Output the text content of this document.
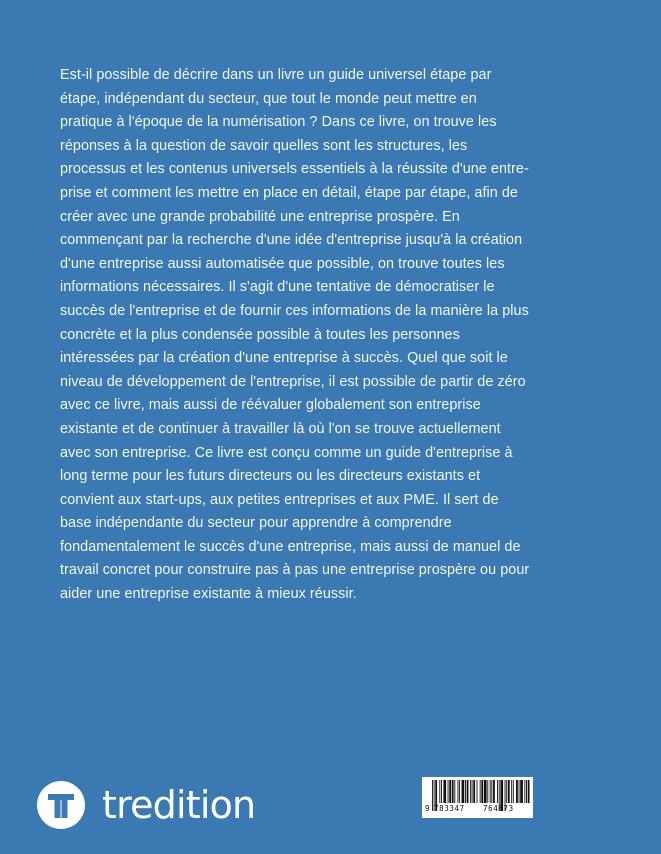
Est-il possible de décrire dans un livre un guide universel étape par étape, indépendant du secteur, que tout le monde peut mettre en pratique à l'époque de la numérisation ? Dans ce livre, on trouve les réponses à la question de savoir quelles sont les structures, les processus et les contenus universels essentiels à la réussite d'une entre- prise et comment les mettre en place en détail, étape par étape, afin de créer avec une grande probabilité une entreprise prospère. En commençant par la recherche d'une idée d'entreprise jusqu'à la création d'une entreprise aussi automatisée que possible, on trouve toutes les informations nécessaires. Il s'agit d'une tentative de démocratiser le succès de l'entreprise et de fournir ces informations de la manière la plus concrète et la plus condensée possible à toutes les personnes intéressées par la création d'une entreprise à succès. Quel que soit le niveau de développement de l'entreprise, il est possible de partir de zéro avec ce livre, mais aussi de réévaluer globalement son entreprise existante et de continuer à travailler là où l'on se trouve actuellement avec son entreprise. Ce livre est conçu comme un guide d'entreprise à long terme pour les futurs directeurs ou les directeurs existants et convient aux start-ups, aux petites entreprises et aux PME. Il sert de base indépendante du secteur pour apprendre à comprendre fondamentalement le succès d'une entreprise, mais aussi de manuel de travail concret pour construire pas à pas une entreprise prospère ou pour aider une entreprise existante à mieux réussir.

tredition	9 783347 764873
